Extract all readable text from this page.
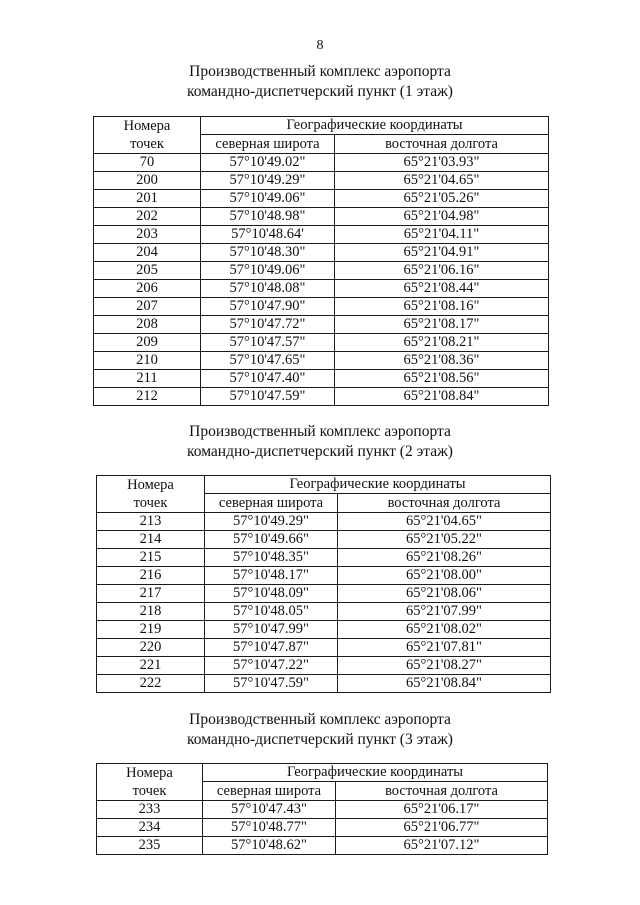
8
Производственный комплекс аэропорта
командно-диспетчерский пункт (1 этаж)
Номера
точек	Географические координаты	
	северная широта	восточная долгота
70	57°10'49.02"	65°21'03.93"
200	57°10'49.29"	65°21'04.65"
201	57°10'49.06"	65°21'05.26"
202	57°10'48.98"	65°21'04.98"
203	57°10'48.64'	65°21'04.11"
204	57°10'48.30"	65°21'04.91"
205	57°10'49.06"	65°21'06.16"
206	57°10'48.08"	65°21'08.44"
207	57°10'47.90"	65°21'08.16"
208	57°10'47.72"	65°21'08.17"
209	57°10'47.57"	65°21'08.21"
210	57°10'47.65"	65°21'08.36"
211	57°10'47.40"	65°21'08.56"
212	57°10'47.59"	65°21'08.84"
Производственный комплекс аэропорта
командно-диспетчерский пункт (2 этаж)
Номера
точек	Географические координаты	
	северная широта	восточная долгота
213	57°10'49.29"	65°21'04.65"
214	57°10'49.66"	65°21'05.22"
215	57°10'48.35"	65°21'08.26"
216	57°10'48.17"	65°21'08.00"
217	57°10'48.09"	65°21'08.06"
218	57°10'48.05"	65°21'07.99"
219	57°10'47.99"	65°21'08.02"
220	57°10'47.87"	65°21'07.81"
221	57°10'47.22"	65°21'08.27"
222	57°10'47.59"	65°21'08.84"
Производственный комплекс аэропорта
командно-диспетчерский пункт (3 этаж)
Номера
точек	Географические координаты	
	северная широта	восточная долгота
233	57°10'47.43"	65°21'06.17"
234	57°10'48.77"	65°21'06.77"
235	57°10'48.62"	65°21'07.12"
